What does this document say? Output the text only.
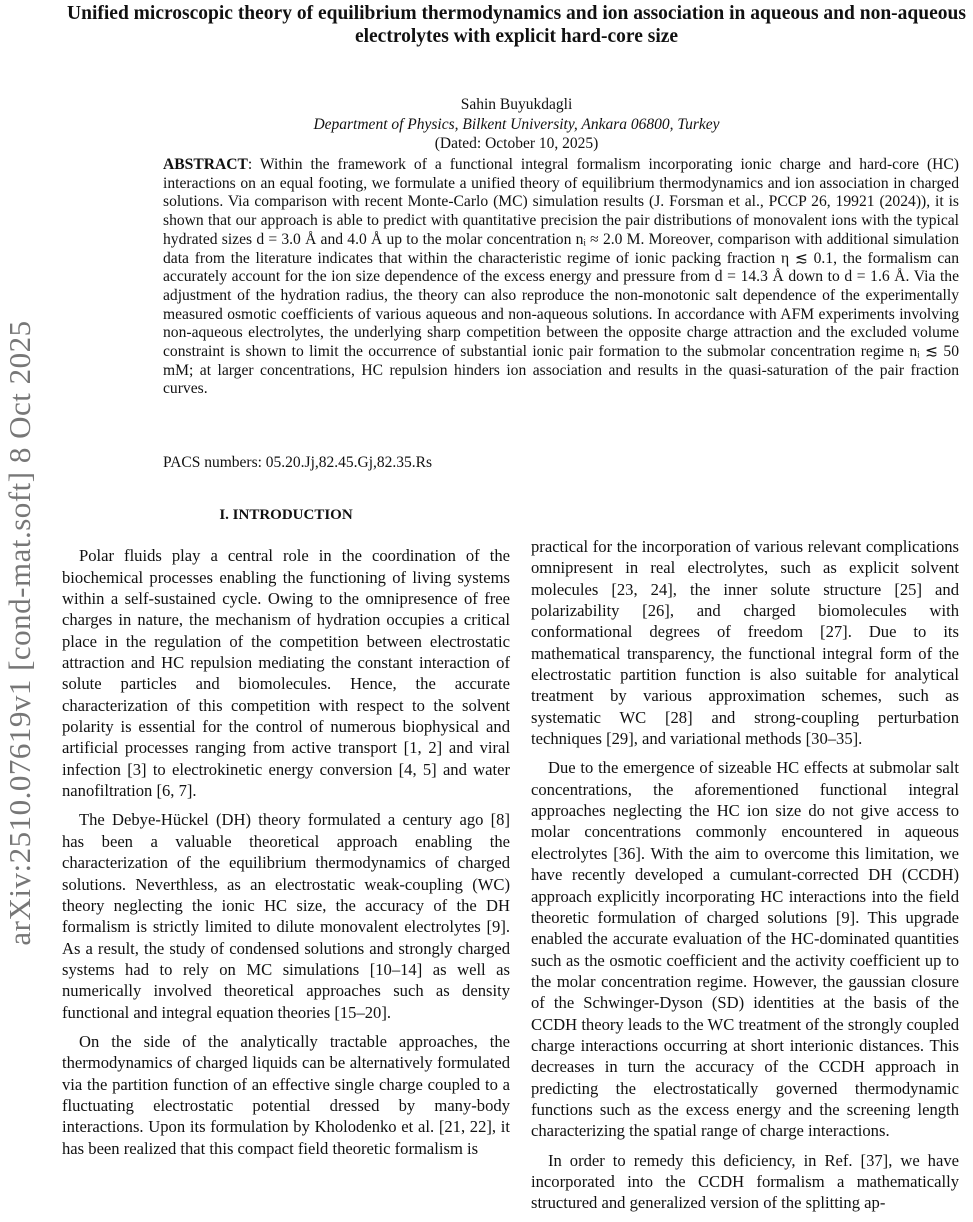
arXiv:2510.07619v1 [cond-mat.soft] 8 Oct 2025
Unified microscopic theory of equilibrium thermodynamics and ion association in aqueous and non-aqueous electrolytes with explicit hard-core size
Sahin Buyukdagli
Department of Physics, Bilkent University, Ankara 06800, Turkey
(Dated: October 10, 2025)
ABSTRACT: Within the framework of a functional integral formalism incorporating ionic charge and hard-core (HC) interactions on an equal footing, we formulate a unified theory of equilibrium thermodynamics and ion association in charged solutions. Via comparison with recent Monte-Carlo (MC) simulation results (J. Forsman et al., PCCP 26, 19921 (2024)), it is shown that our approach is able to predict with quantitative precision the pair distributions of monovalent ions with the typical hydrated sizes d = 3.0 Å and 4.0 Å up to the molar concentration nᵢ ≈ 2.0 M. Moreover, comparison with additional simulation data from the literature indicates that within the characteristic regime of ionic packing fraction η ≲ 0.1, the formalism can accurately account for the ion size dependence of the excess energy and pressure from d = 14.3 Å down to d = 1.6 Å. Via the adjustment of the hydration radius, the theory can also reproduce the non-monotonic salt dependence of the experimentally measured osmotic coefficients of various aqueous and non-aqueous solutions. In accordance with AFM experiments involving non-aqueous electrolytes, the underlying sharp competition between the opposite charge attraction and the excluded volume constraint is shown to limit the occurrence of substantial ionic pair formation to the submolar concentration regime nᵢ ≲ 50 mM; at larger concentrations, HC repulsion hinders ion association and results in the quasi-saturation of the pair fraction curves.
PACS numbers: 05.20.Jj,82.45.Gj,82.35.Rs
I. INTRODUCTION

Polar fluids play a central role in the coordination of the biochemical processes enabling the functioning of living systems within a self-sustained cycle. Owing to the omnipresence of free charges in nature, the mechanism of hydration occupies a critical place in the regulation of the competition between electrostatic attraction and HC repulsion mediating the constant interaction of solute particles and biomolecules. Hence, the accurate characterization of this competition with respect to the solvent polarity is essential for the control of numerous biophysical and artificial processes ranging from active transport [1, 2] and viral infection [3] to electrokinetic energy conversion [4, 5] and water nanofiltration [6, 7].

The Debye-Hückel (DH) theory formulated a century ago [8] has been a valuable theoretical approach enabling the characterization of the equilibrium thermodynamics of charged solutions. Neverthless, as an electrostatic weak-coupling (WC) theory neglecting the ionic HC size, the accuracy of the DH formalism is strictly limited to dilute monovalent electrolytes [9]. As a result, the study of condensed solutions and strongly charged systems had to rely on MC simulations [10–14] as well as numerically involved theoretical approaches such as density functional and integral equation theories [15–20].

On the side of the analytically tractable approaches, the thermodynamics of charged liquids can be alternatively formulated via the partition function of an effective single charge coupled to a fluctuating electrostatic potential dressed by many-body interactions. Upon its formulation by Kholodenko et al. [21, 22], it has been realized that this compact field theoretic formalism is

practical for the incorporation of various relevant complications omnipresent in real electrolytes, such as explicit solvent molecules [23, 24], the inner solute structure [25] and polarizability [26], and charged biomolecules with conformational degrees of freedom [27]. Due to its mathematical transparency, the functional integral form of the electrostatic partition function is also suitable for analytical treatment by various approximation schemes, such as systematic WC [28] and strong-coupling perturbation techniques [29], and variational methods [30–35].

Due to the emergence of sizeable HC effects at submolar salt concentrations, the aforementioned functional integral approaches neglecting the HC ion size do not give access to molar concentrations commonly encountered in aqueous electrolytes [36]. With the aim to overcome this limitation, we have recently developed a cumulant-corrected DH (CCDH) approach explicitly incorporating HC interactions into the field theoretic formulation of charged solutions [9]. This upgrade enabled the accurate evaluation of the HC-dominated quantities such as the osmotic coefficient and the activity coefficient up to the molar concentration regime. However, the gaussian closure of the Schwinger-Dyson (SD) identities at the basis of the CCDH theory leads to the WC treatment of the strongly coupled charge interactions occurring at short interionic distances. This decreases in turn the accuracy of the CCDH approach in predicting the electrostatically governed thermodynamic functions such as the excess energy and the screening length characterizing the spatial range of charge interactions.

In order to remedy this deficiency, in Ref. [37], we have incorporated into the CCDH formalism a mathematically structured and generalized version of the splitting ap-
